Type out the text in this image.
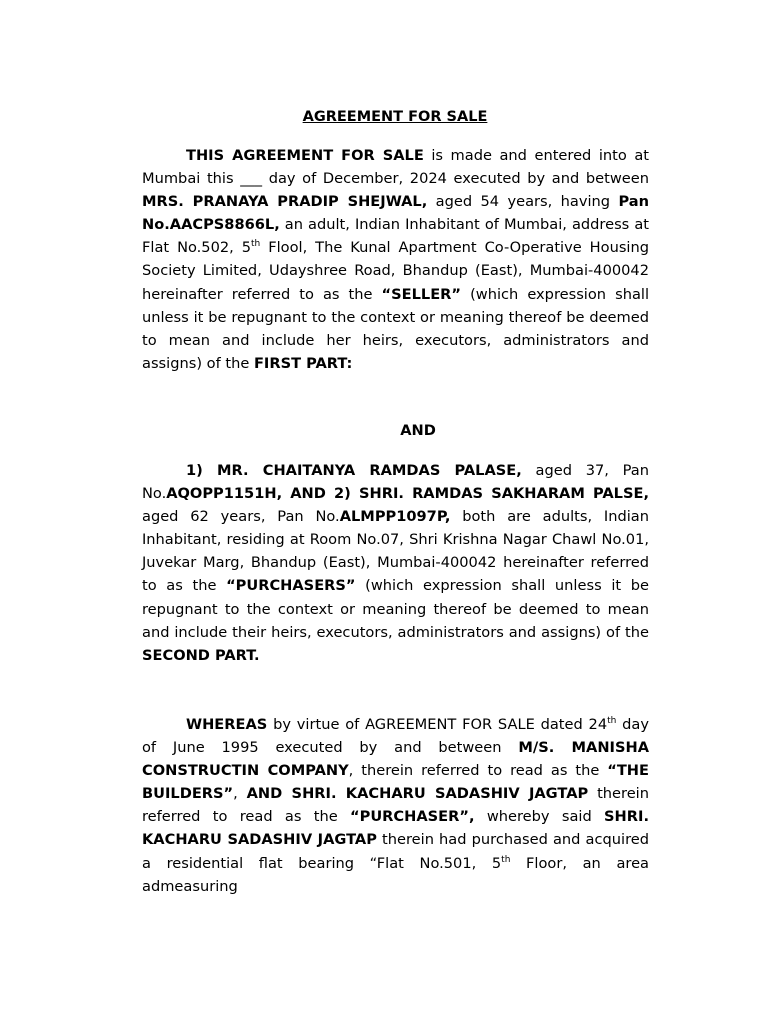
AGREEMENT FOR SALE

THIS AGREEMENT FOR SALE is made and entered into at Mumbai this ___ day of December, 2024 executed by and between MRS. PRANAYA PRADIP SHEJWAL, aged 54 years, having Pan No.AACPS8866L, an adult, Indian Inhabitant of Mumbai, address at Flat No.502, 5th Flool, The Kunal Apartment Co-Operative Housing Society Limited, Udayshree Road, Bhandup (East), Mumbai-400042 hereinafter referred to as the “SELLER” (which expression shall unless it be repugnant to the context or meaning thereof be deemed to mean and include her heirs, executors, administrators and assigns) of the FIRST PART:

AND

1) MR. CHAITANYA RAMDAS PALASE, aged 37, Pan No.AQOPP1151H, AND 2) SHRI. RAMDAS SAKHARAM PALSE, aged 62 years, Pan No.ALMPP1097P, both are adults, Indian Inhabitant, residing at Room No.07, Shri Krishna Nagar Chawl No.01, Juvekar Marg, Bhandup (East), Mumbai-400042 hereinafter referred to as the “PURCHASERS” (which expression shall unless it be repugnant to the context or meaning thereof be deemed to mean and include their heirs, executors, administrators and assigns) of the SECOND PART.

WHEREAS by virtue of AGREEMENT FOR SALE dated 24th day of June 1995 executed by and between M/S. MANISHA CONSTRUCTIN COMPANY, therein referred to read as the “THE BUILDERS”, AND SHRI. KACHARU SADASHIV JAGTAP therein referred to read as the “PURCHASER”, whereby said SHRI. KACHARU SADASHIV JAGTAP therein had purchased and acquired a residential flat bearing “Flat No.501, 5th Floor, an area admeasuring
